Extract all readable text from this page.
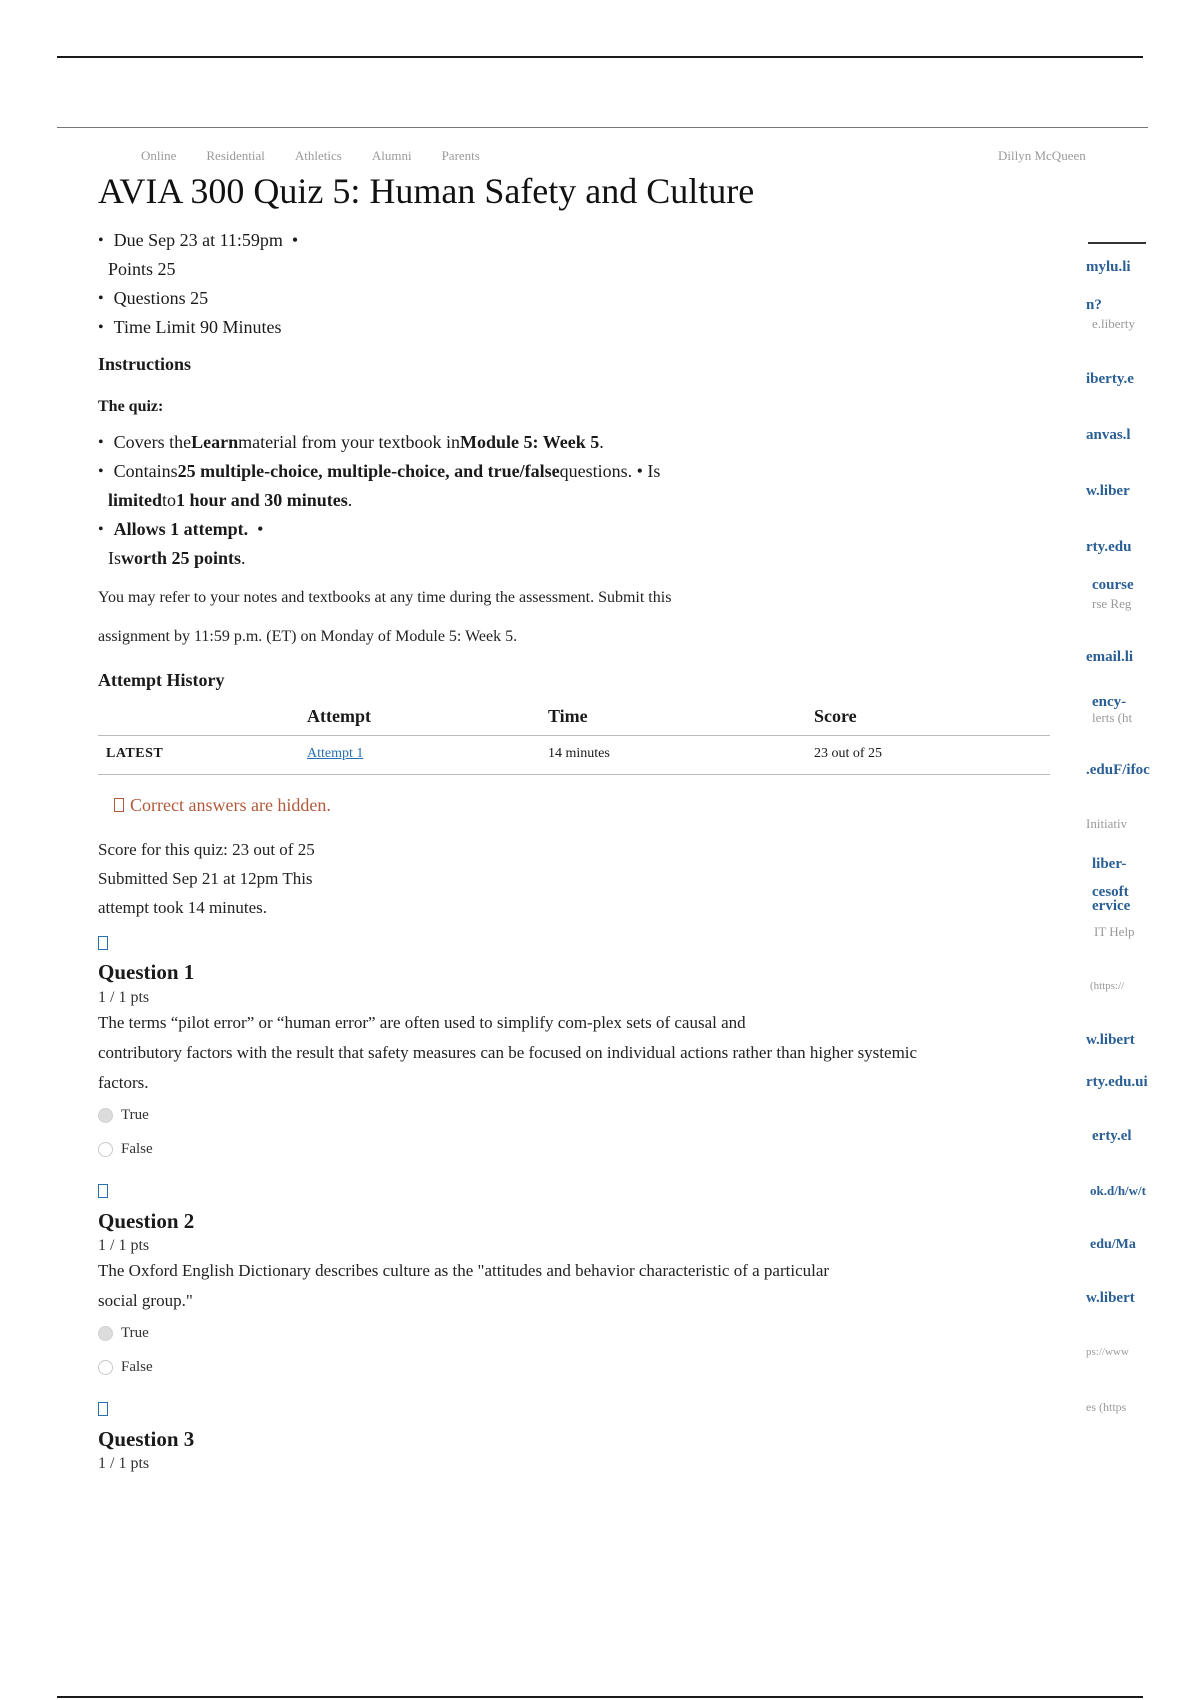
Online Residential Athletics Alumni Parents	Dillyn McQueen
AVIA 300 Quiz 5: Human Safety and Culture
• Due Sep 23 at 11:59pm •
Points 25
• Questions 25
• Time Limit 90 Minutes
Instructions
The quiz:
• Covers the Learn material from your textbook in Module 5: Week 5 .
• Contains 25 multiple-choice, multiple-choice, and true/false questions. • Is
limited to 1 hour and 30 minutes .
• Allows 1 attempt. •
Is worth 25 points .
You may refer to your notes and textbooks at any time during the assessment. Submit this
assignment by 11:59 p.m. (ET) on Monday of Module 5: Week 5.
Attempt History
	Attempt	Time	Score
LATEST	Attempt 1	14 minutes	23 out of 25
Correct answers are hidden.
Score for this quiz: 23 out of 25
Submitted Sep 21 at 12pm This
attempt took 14 minutes.
Question 1
1 / 1 pts
The terms “pilot error” or “human error” are often used to simplify com-plex sets of causal and
contributory factors with the result that safety measures can be focused on individual actions rather than higher systemic
factors.
True
False
Question 2
1 / 1 pts
The Oxford English Dictionary describes culture as the "attitudes and behavior characteristic of a particular
social group."
True
False
Question 3
1 / 1 pts
mylu.li
n?
e.liberty
iberty.e
anvas.l
w.liber
rty.edu
course
rse Reg
email.li
ency-
lerts (ht
.eduF/ifoc
Initiativ
liber-
cesoft
ervice
IT Help
(https://
w.libert
rty.edu.ui
erty.el
ok.d/h/w/t
edu/Ma
w.libert
ps://www
es (https
